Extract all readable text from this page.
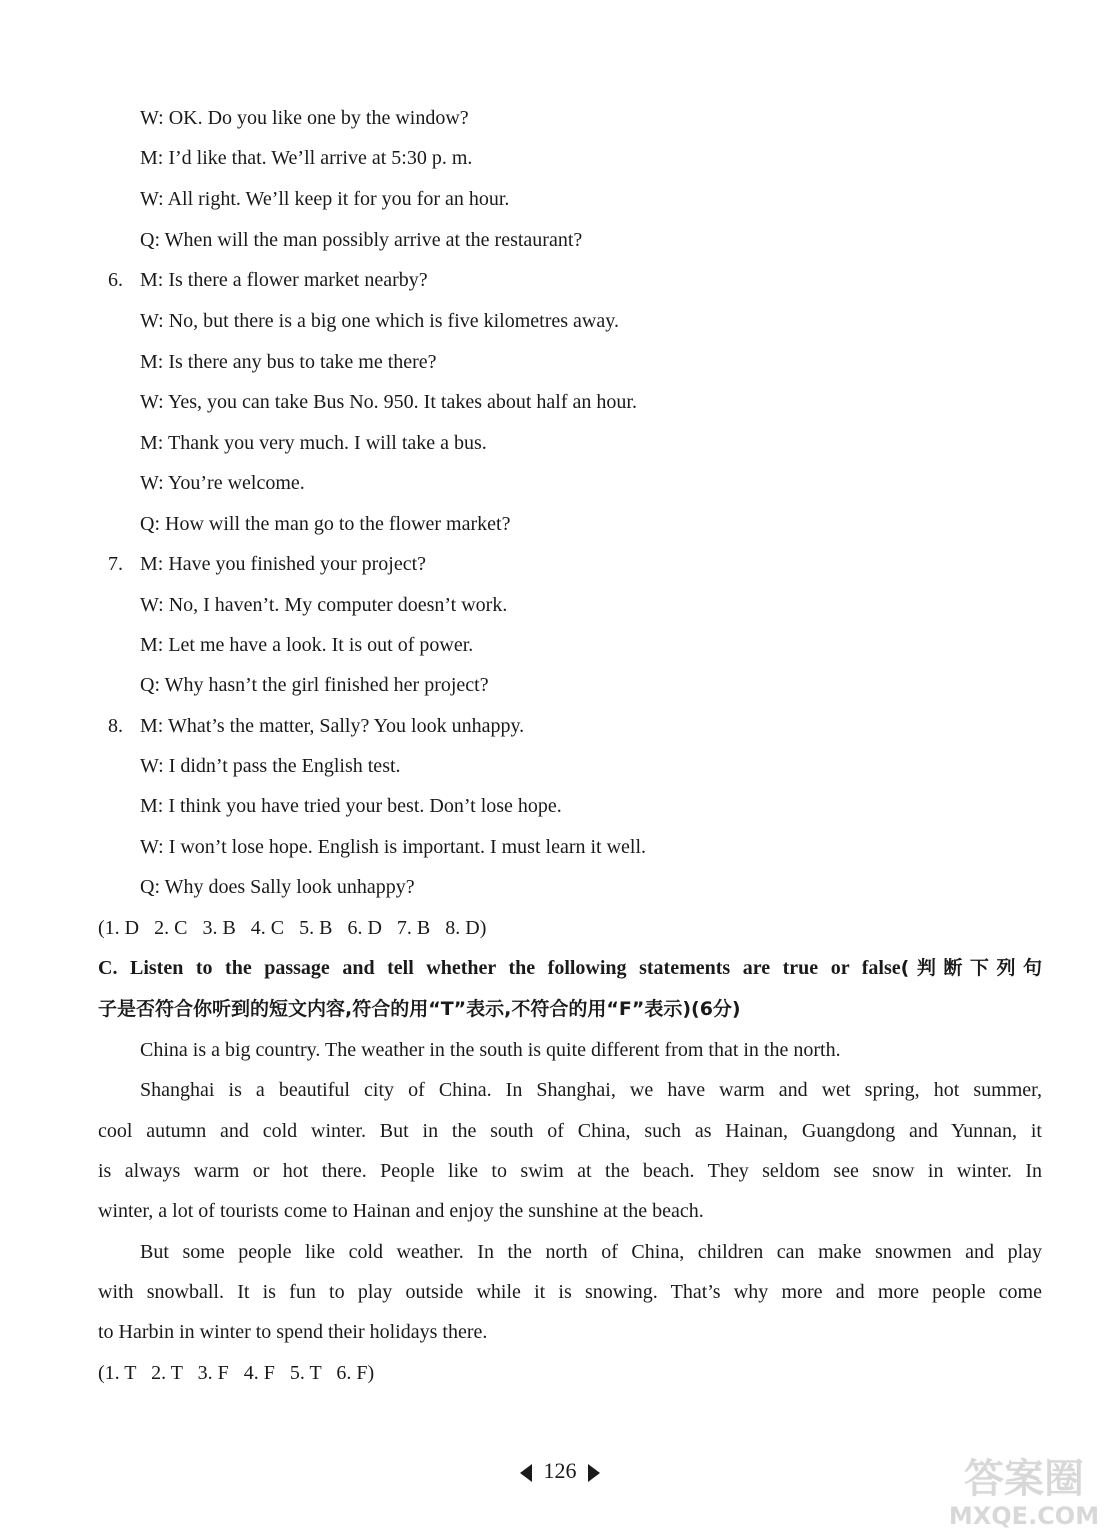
W: OK. Do you like one by the window?
M: I’d like that. We’ll arrive at 5:30 p. m.
W: All right. We’ll keep it for you for an hour.
Q: When will the man possibly arrive at the restaurant?
6. M: Is there a flower market nearby?
W: No, but there is a big one which is five kilometres away.
M: Is there any bus to take me there?
W: Yes, you can take Bus No. 950. It takes about half an hour.
M: Thank you very much. I will take a bus.
W: You’re welcome.
Q: How will the man go to the flower market?
7. M: Have you finished your project?
W: No, I haven’t. My computer doesn’t work.
M: Let me have a look. It is out of power.
Q: Why hasn’t the girl finished her project?
8. M: What’s the matter, Sally? You look unhappy.
W: I didn’t pass the English test.
M: I think you have tried your best. Don’t lose hope.
W: I won’t lose hope. English is important. I must learn it well.
Q: Why does Sally look unhappy?
(1. D   2. C   3. B   4. C   5. B   6. D   7. B   8. D)
C. Listen to the passage and tell whether the following statements are true or false(判断下列句
子是否符合你听到的短文内容,符合的用“T”表示,不符合的用“F”表示)(6分)
China is a big country. The weather in the south is quite different from that in the north.
Shanghai is a beautiful city of China. In Shanghai, we have warm and wet spring, hot summer,
cool autumn and cold winter. But in the south of China, such as Hainan, Guangdong and Yunnan, it
is always warm or hot there. People like to swim at the beach. They seldom see snow in winter. In
winter, a lot of tourists come to Hainan and enjoy the sunshine at the beach.
But some people like cold weather. In the north of China, children can make snowmen and play
with snowball. It is fun to play outside while it is snowing. That’s why more and more people come
to Harbin in winter to spend their holidays there.
(1. T   2. T   3. F   4. F   5. T   6. F)
126	答案圈
MXQE.COM
